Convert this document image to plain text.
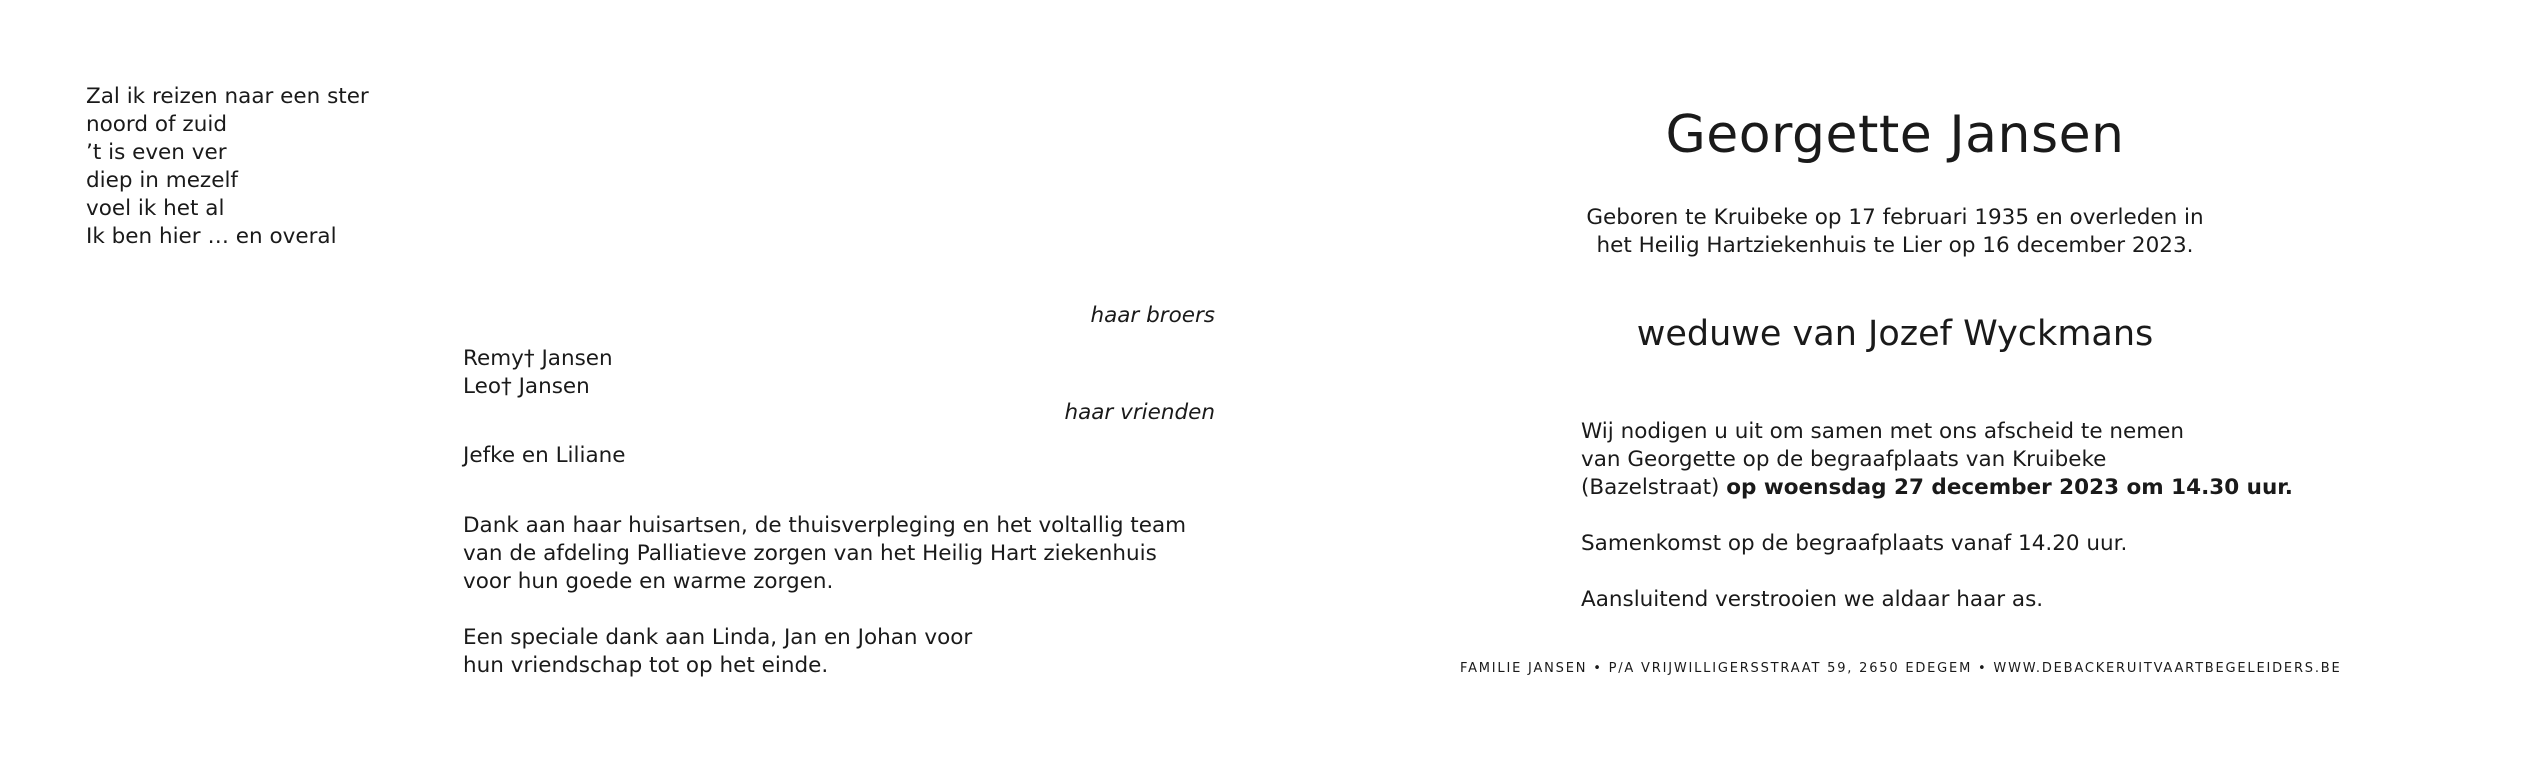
Zal ik reizen naar een ster
noord of zuid
’t is even ver
diep in mezelf
voel ik het al
Ik ben hier … en overal
haar broers
Remy† Jansen
Leo† Jansen
haar vrienden
Jefke en Liliane
Dank aan haar huisartsen, de thuisverpleging en het voltallig team
van de afdeling Palliatieve zorgen van het Heilig Hart ziekenhuis
voor hun goede en warme zorgen.
Een speciale dank aan Linda, Jan en Johan voor
hun vriendschap tot op het einde.
Georgette Jansen
Geboren te Kruibeke op 17 februari 1935 en overleden in
het Heilig Hartziekenhuis te Lier op 16 december 2023.
weduwe van Jozef Wyckmans
Wij nodigen u uit om samen met ons afscheid te nemen
van Georgette op de begraafplaats van Kruibeke
(Bazelstraat) op woensdag 27 december 2023 om 14.30 uur.
Samenkomst op de begraafplaats vanaf 14.20 uur.
Aansluitend verstrooien we aldaar haar as.
FAMILIE JANSEN • P/A VRIJWILLIGERSSTRAAT 59, 2650 EDEGEM • WWW.DEBACKERUITVAARTBEGELEIDERS.BE
